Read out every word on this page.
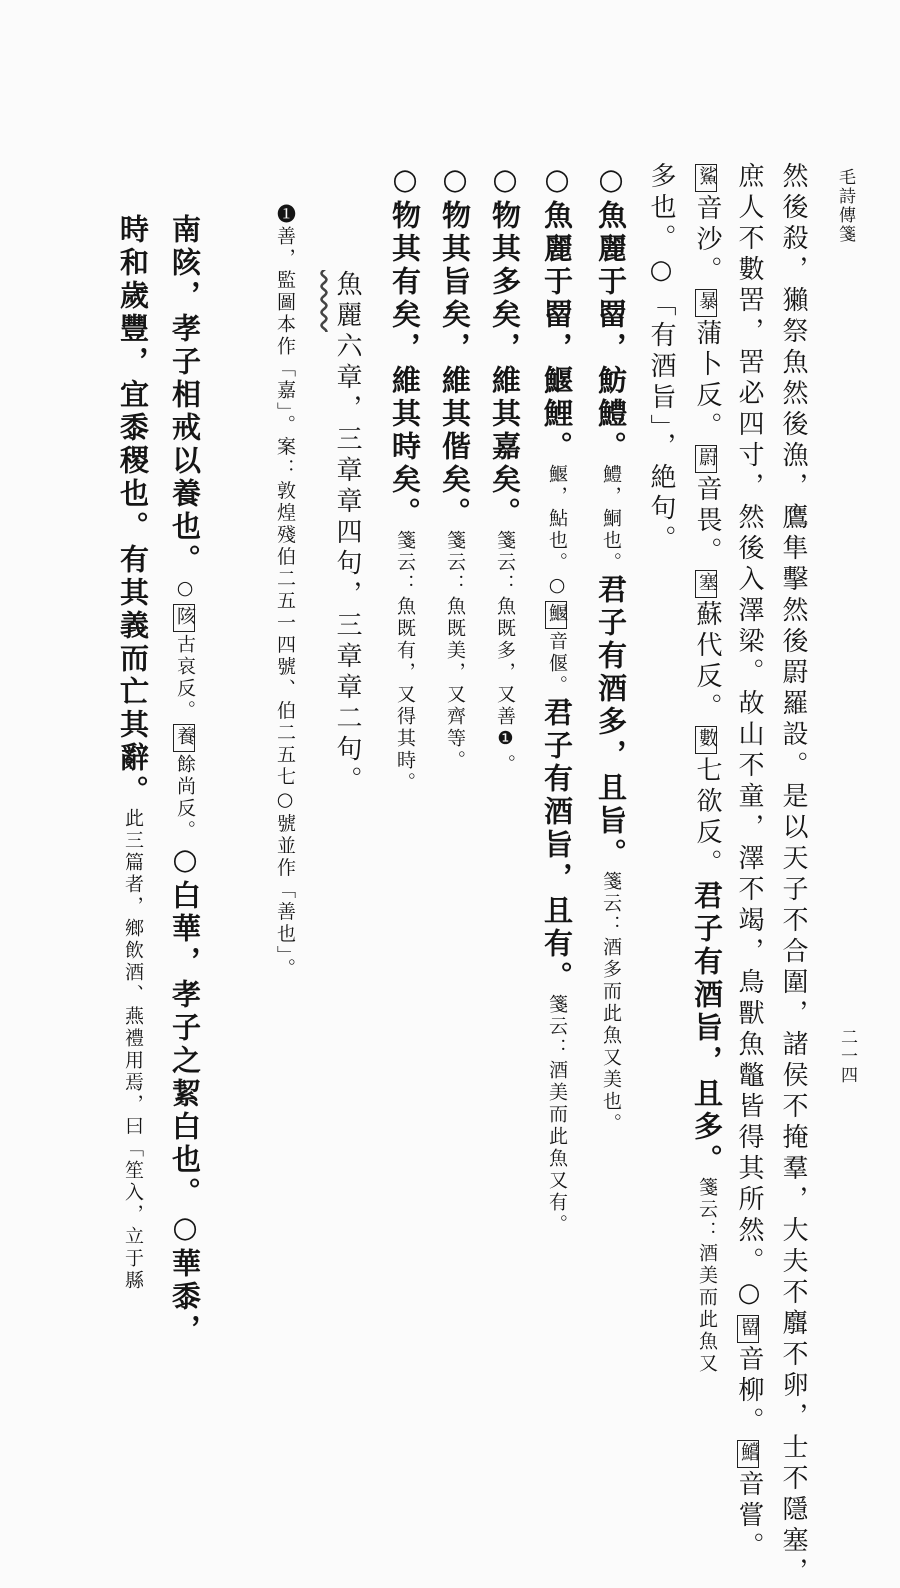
毛詩傳箋
二一四
然後殺，獺祭魚然後漁，鷹隼擊然後罻羅設。是以天子不合圍，諸侯不掩羣，大夫不麛不卵，士不隱塞，
庶人不數罟，罟必四寸，然後入澤梁。故山不童，澤不竭，鳥獸魚鼈皆得其所然。○罶音柳。鱨音嘗。
鯊音沙。暴蒲卜反。罻音畏。塞蘇代反。數七欲反。君子有酒旨，且多。箋云：酒美而此魚又
多也。○「有酒旨」，絶句。
○魚麗于罶，魴鱧。鱧，鮦也。君子有酒多，且旨。箋云：酒多而此魚又美也。
○魚麗于罶，鰋鯉。鰋，鮎也。○鰋音偃。君子有酒旨，且有。箋云：酒美而此魚又有。
○物其多矣，維其嘉矣。箋云：魚既多，又善❶。
○物其旨矣，維其偕矣。箋云：魚既美，又齊等。
○物其有矣，維其時矣。箋云：魚既有，又得其時。
魚麗六章，三章章四句，三章章二句。
❶善，監圖本作「嘉」。案：敦煌殘伯二五一四號、伯二五七○號並作「善也」。
南陔，孝子相戒以養也。○陔古哀反。養餘尚反。○白華，孝子之絜白也。○華黍，
時和歲豐，宜黍稷也。有其義而亡其辭。此三篇者，鄉飲酒、燕禮用焉，曰「笙入，立于縣
